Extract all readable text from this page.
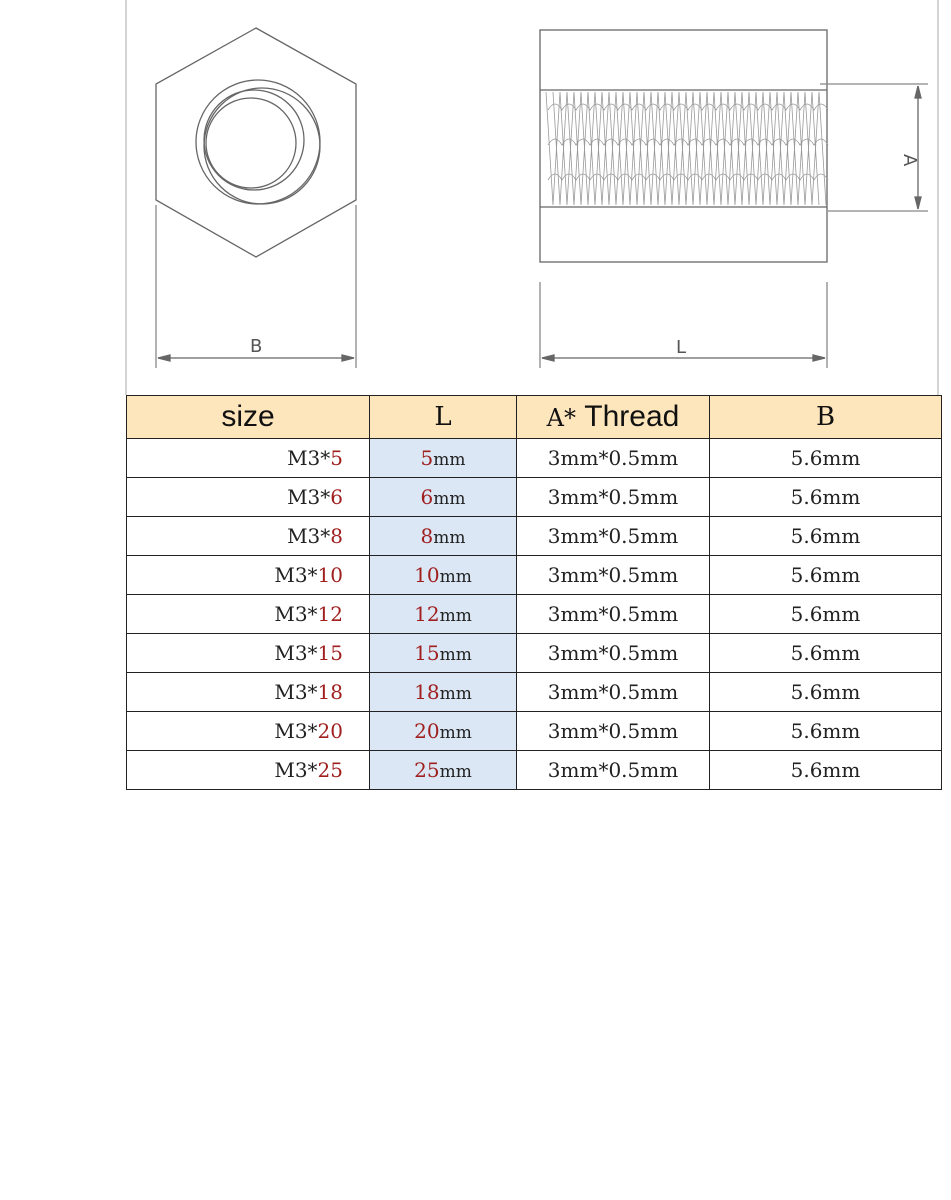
B
A
L
size	L	A* Thread	B
M3*5	5mm	3mm*0.5mm	5.6mm
M3*6	6mm	3mm*0.5mm	5.6mm
M3*8	8mm	3mm*0.5mm	5.6mm
M3*10	10mm	3mm*0.5mm	5.6mm
M3*12	12mm	3mm*0.5mm	5.6mm
M3*15	15mm	3mm*0.5mm	5.6mm
M3*18	18mm	3mm*0.5mm	5.6mm
M3*20	20mm	3mm*0.5mm	5.6mm
M3*25	25mm	3mm*0.5mm	5.6mm
